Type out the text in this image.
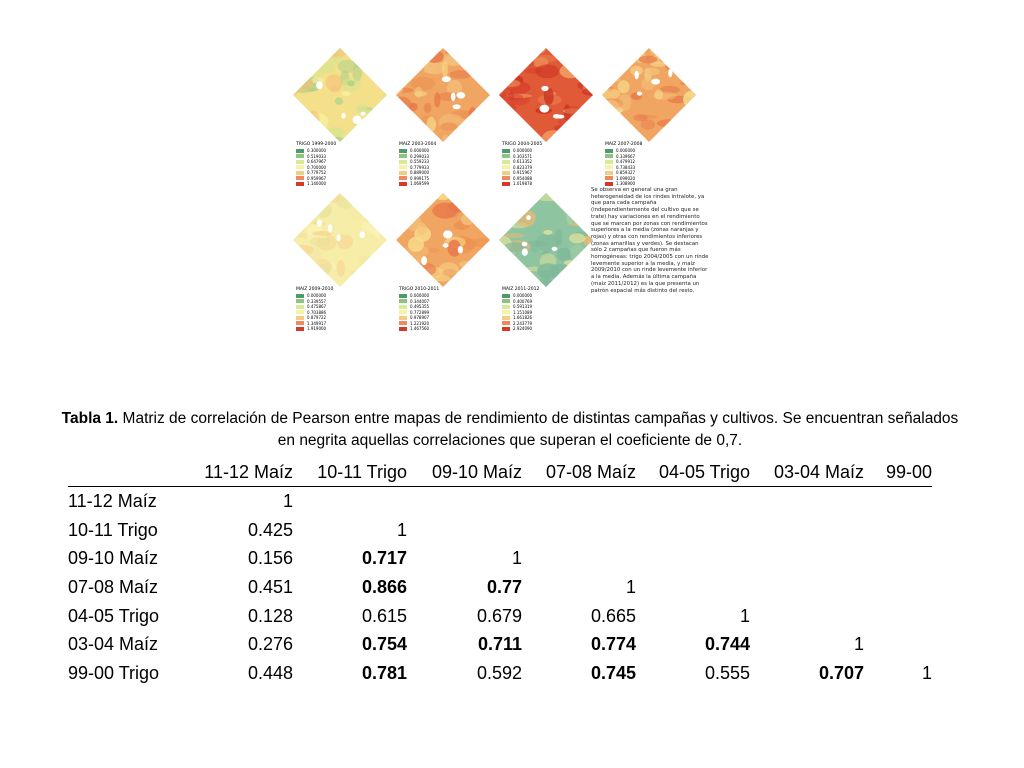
TRIGO 1999-2000
0.300000
0.519033
0.647967
0.700000
0.779752
0.959967
1.140000
MAIZ 2003-2004
0.000000
0.299033
0.559233
0.779933
0.889000
0.999175
1.069599
TRIGO 2004-2005
0.000000
0.303571
0.613352
0.823379
0.915967
0.954088
1.019878
MAIZ 2007-2008
0.000000
0.339667
0.479912
0.738433
0.859327
1.099020
1.308900
MAIZ 2009-2010
0.000000
0.339557
0.475867
0.703886
0.879722
1.349917
1.919000
TRIGO 2010-2011
0.000000
0.344007
0.495355
0.772899
0.978907
1.221920
1.467560
MAIZ 2011-2012
0.000000
0.400769
0.591319
1.151089
1.661826
2.243779
2.924090
Se observa en general una gran heterogeneidad de los rindes intralote, ya que para cada campaña (independientemente del cultivo que se trate) hay variaciones en el rendimiento que se marcan por zonas con rendimientos superiores a la media (zonas naranjas y rojas) y otras con rendimientos inferiores (zonas amarillas y verdes). Se destacan sólo 2 campañas que fueron más homogéneas: trigo 2004/2005 con un rinde levemente superior a la media, y maíz 2009/2010 con un rinde levemente inferior a la media. Además la última campaña (maíz 2011/2012) es la que presenta un patrón espacial más distinto del resto.

Tabla 1. Matriz de correlación de Pearson entre mapas de rendimiento de distintas campañas y cultivos. Se encuentran señalados en negrita aquellas correlaciones que superan el coeficiente de 0,7.

	11-12 Maíz	10-11 Trigo	09-10 Maíz	07-08 Maíz	04-05 Trigo	03-04 Maíz	99-00
11-12 Maíz	1						
10-11 Trigo	0.425	1					
09-10 Maíz	0.156	0.717	1				
07-08 Maíz	0.451	0.866	0.77	1			
04-05 Trigo	0.128	0.615	0.679	0.665	1		
03-04 Maíz	0.276	0.754	0.711	0.774	0.744	1	
99-00 Trigo	0.448	0.781	0.592	0.745	0.555	0.707	1
